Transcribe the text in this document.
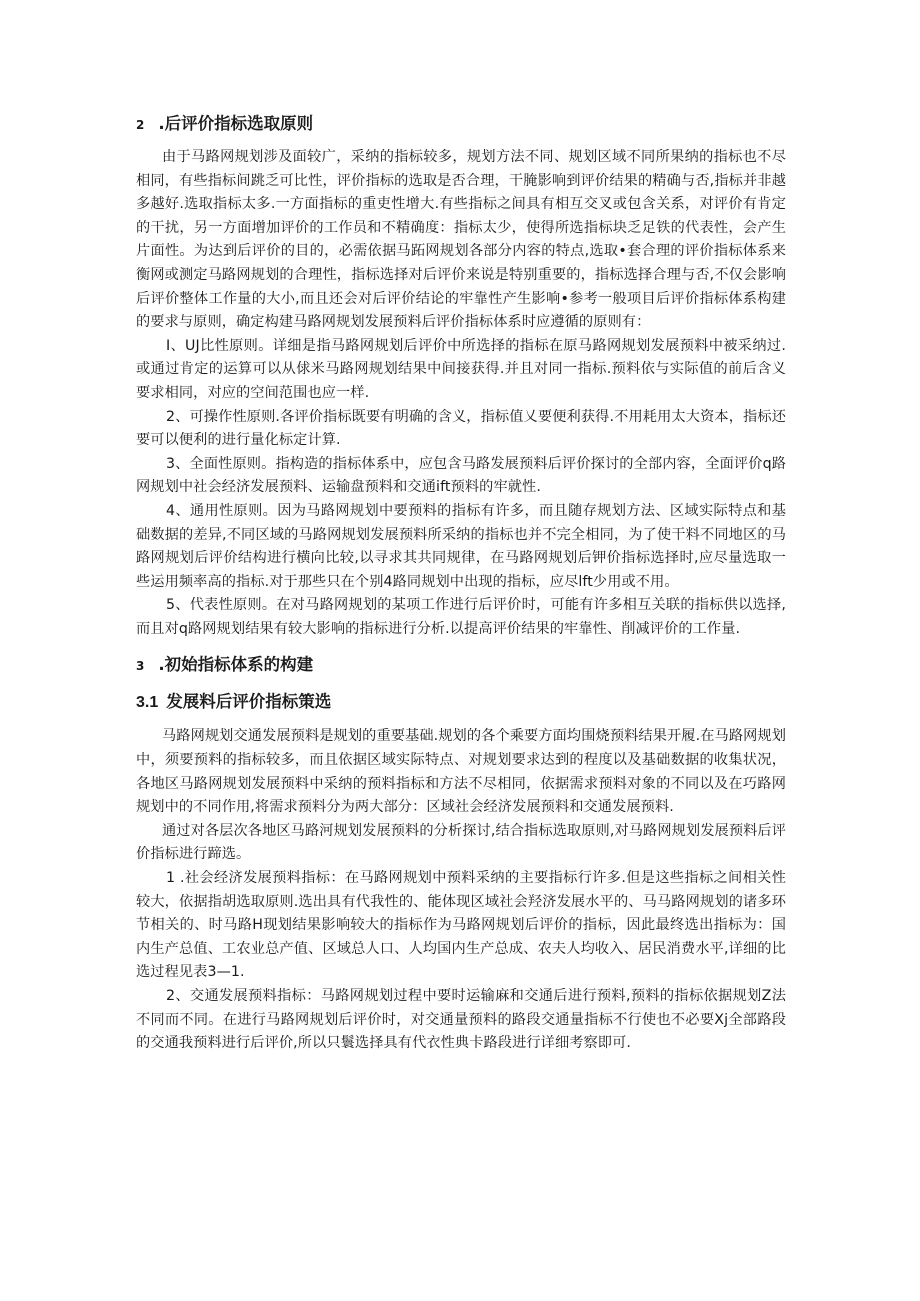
2 .后评价指标选取原则

由于马路网规划涉及面较广，采纳的指标较多，规划方法不同、规划区域不同所果纳的指标也不尽相同，有些指标间跳乏可比性，评价指标的选取是否合理，干腌影响到评价结果的精确与否,指标并非越多越好.选取指标太多.一方面指标的重吏性增大.有些指标之间具有相互交叉或包含关系，对评价有肯定的干扰，另一方面增加评价的工作员和不精确度：指标太少，使得所选指标块乏足铁的代表性，会产生片面性。为达到后评价的目的，必需依据马跖网规划各部分内容的特点,选取•套合理的评价指标体系来衡网或测定马路网规划的合理性，指标选择对后评价来说是特别重要的，指标选择合理与否,不仅会影响后评价整体工作量的大小,而且还会对后评价结论的牢靠性产生影响•参考一般项目后评价指标体系构建的要求与原则，确定构建马路网规划发展预料后评价指标体系时应遵循的原则有：

I、UJ比性原则。详细是指马路网规划后评价中所选择的指标在原马路网规划发展预料中被采纳过.或通过肯定的运算可以从俅米马路网规划结果中间接获得.并且对同一指标.预料依与实际值的前后含义要求相同，对应的空间范围也应一样.

2、可操作性原则.各评价指标既要有明确的含义，指标值乂要便利获得.不用耗用太大资本，指标还要可以便利的进行量化标定计算.

3、全面性原则。指构造的指标体系中，应包含马路发展预料后评价探讨的全部内容，全面评价q路网规划中社会经济发展预料、运输盘预料和交通ift预料的牢就性.

4、通用性原则。因为马路网规划中要预料的指标有许多，而且随存规划方法、区域实际特点和基础数据的差异,不同区域的马路网规划发展预料所采纳的指标也并不完全相同，为了使干料不同地区的马路网规划后评价结构进行横向比较,以寻求其共同规律，在马路网规划后钾价指标选择时,应尽量选取一些运用频率高的指标.对于那些只在个别4路同规划中出现的指标，应尽lft少用或不用。

5、代表性原则。在对马路网规划的某项工作进行后评价时，可能有许多相互关联的指标供以选择,而且对q路网规划结果有较大影响的指标进行分析.以提高评价结果的牢靠性、削减评价的工作量.

3 .初始指标体系的构建
3.1 发展料后评价指标策选

马路网规划交通发展预料是规划的重要基础.规划的各个乘要方面均围烧预料结果开履.在马路网规划中，须要预料的指标较多，而且依据区域实际特点、对规划要求达到的程度以及基础数据的收集状况，各地区马路网规划发展预料中采纳的预料指标和方法不尽相同，依据需求预料对象的不同以及在巧路网规划中的不同作用,将需求预料分为两大部分：区域社会经济发展预料和交通发展预料.

通过对各层次各地区马路河规划发展预料的分析探讨,结合指标选取原则,对马路网规划发展预料后评价指标进行蹄选。

1 .社会经济发展预料指标：在马路网规划中预料采纳的主要指标行许多.但是这些指标之间相关性较大，依据指胡选取原则.选出具有代我性的、能体现区域社会羟济发展水平的、马马路网规划的诸多环节相关的、时马路H现划结果影响较大的指标作为马路网规划后评价的指标，因此最终选出指标为：国内生产总值、工农业总产值、区域总人口、人均国内生产总成、农夫人均收入、居民消费水平,详细的比选过程见表3—1.

2、交通发展预料指标：马路网规划过程中要时运输麻和交通后进行预料,预料的指标依据规划Z法不同而不同。在进行马路网规划后评价时，对交通量预料的路段交通量指标不行使也不必要Xj全部路段的交通我预料进行后评价,所以只鬟选择具有代衣性典卡路段进行详细考察即可.
